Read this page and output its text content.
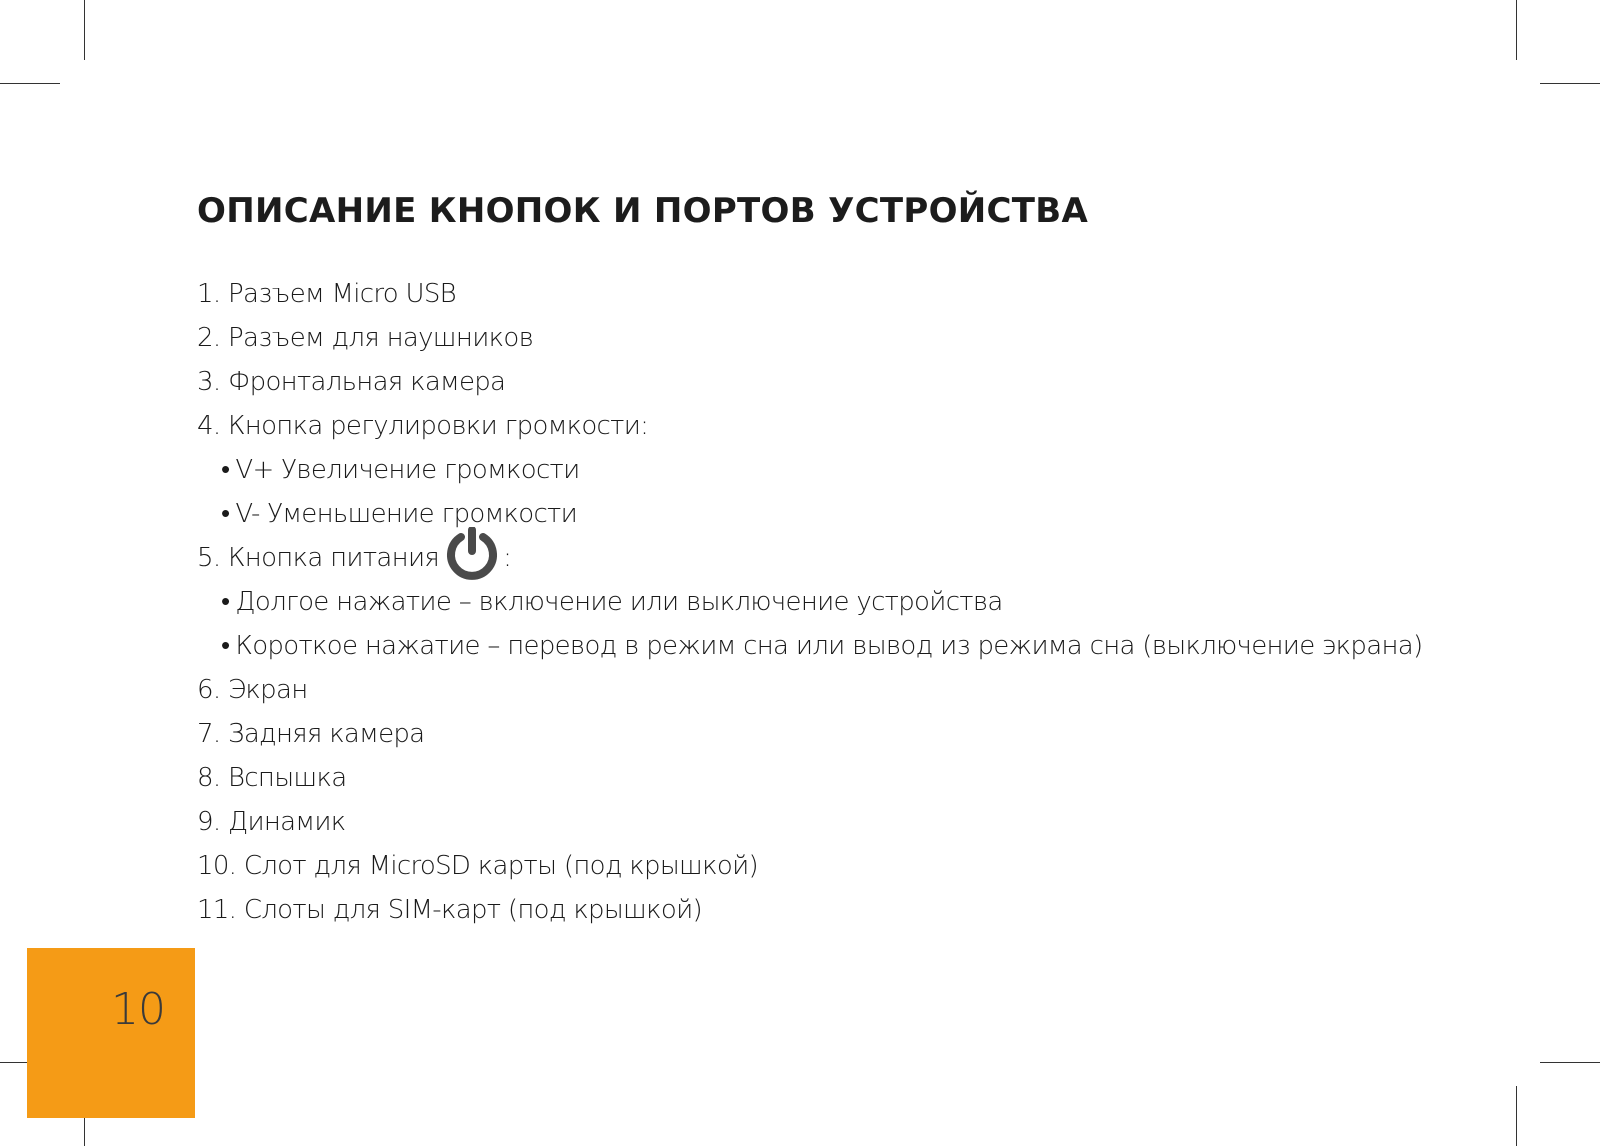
ОПИСАНИЕ КНОПОК И ПОРТОВ УСТРОЙСТВА
1. Разъем Micro USB
2. Разъем для наушников
3. Фронтальная камера
4. Кнопка регулировки громкости:
• V+ Увеличение громкости
• V- Уменьшение громкости
5. Кнопка питания :
• Долгое нажатие – включение или выключение устройства
• Короткое нажатие – перевод в режим сна или вывод из режима сна (выключение экрана)
6. Экран
7. Задняя камера
8. Вспышка
9. Динамик
10. Слот для MicroSD карты (под крышкой)
11. Слоты для SIM-карт (под крышкой)
10
